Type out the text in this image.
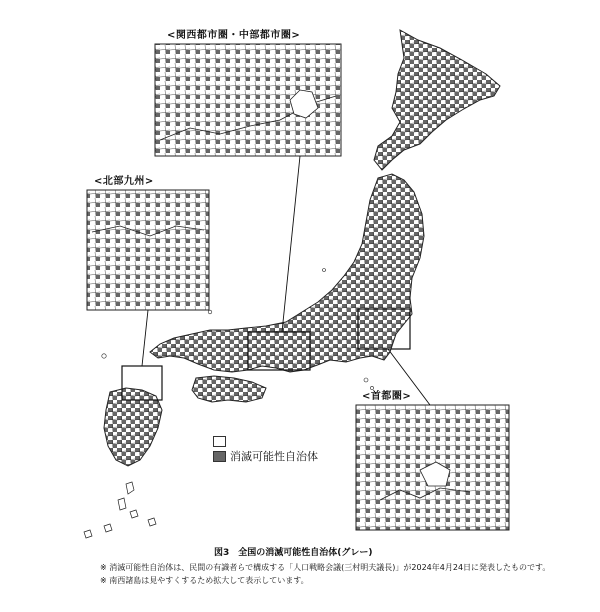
<関西都市圏・中部都市圏>
<北部九州>
<首都圏>
消滅可能性自治体
図3　全国の消滅可能性自治体(グレー)
※ 消滅可能性自治体は、民間の有識者らで構成する「人口戦略会議(三村明夫議長)」が2024年4月24日に発表したものです。
※ 南西諸島は見やすくするため拡大して表示しています。
